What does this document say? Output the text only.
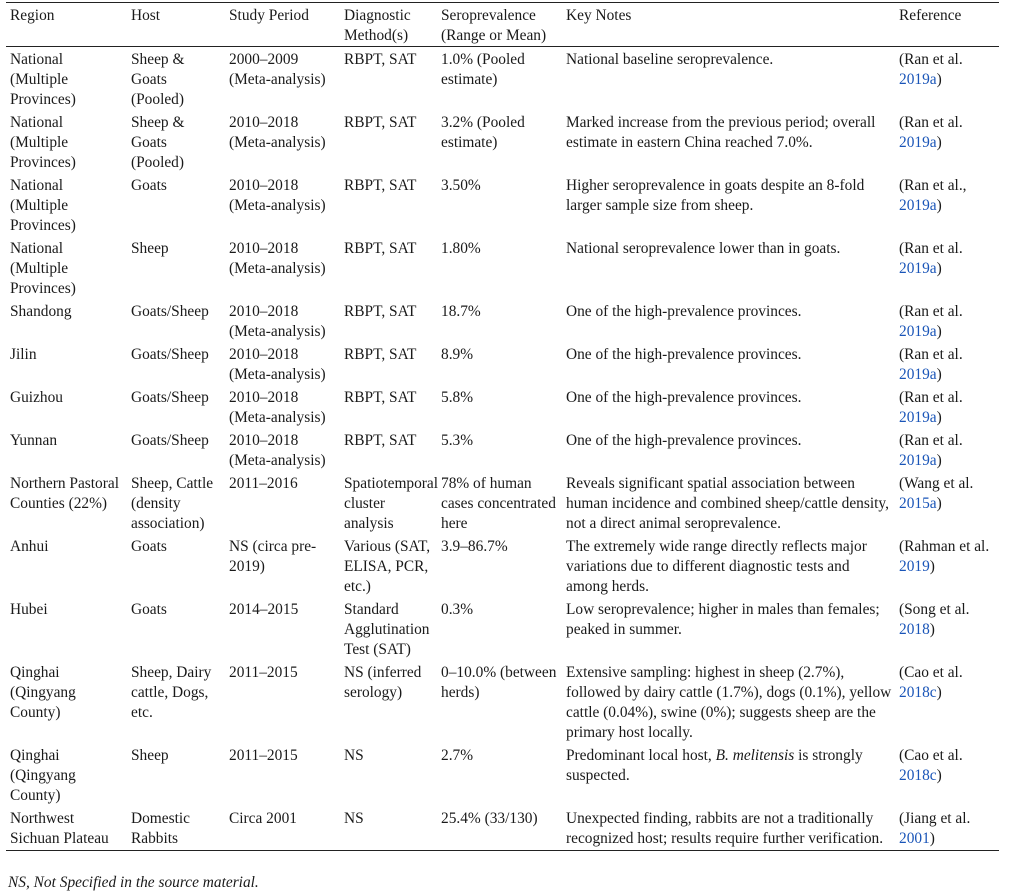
Region	Host	Study Period	Diagnostic Method(s)	Seroprevalence (Range or Mean)	Key Notes	Reference
National (Multiple Provinces)	Sheep & Goats (Pooled)	2000–2009 (Meta-analysis)	RBPT, SAT	1.0% (Pooled estimate)	National baseline seroprevalence.	(Ran et al. 2019a)
National (Multiple Provinces)	Sheep & Goats (Pooled)	2010–2018 (Meta-analysis)	RBPT, SAT	3.2% (Pooled estimate)	Marked increase from the previous period; overall estimate in eastern China reached 7.0%.	(Ran et al. 2019a)
National (Multiple Provinces)	Goats	2010–2018 (Meta-analysis)	RBPT, SAT	3.50%	Higher seroprevalence in goats despite an 8-fold larger sample size from sheep.	(Ran et al., 2019a)
National (Multiple Provinces)	Sheep	2010–2018 (Meta-analysis)	RBPT, SAT	1.80%	National seroprevalence lower than in goats.	(Ran et al. 2019a)
Shandong	Goats/Sheep	2010–2018 (Meta-analysis)	RBPT, SAT	18.7%	One of the high-prevalence provinces.	(Ran et al. 2019a)
Jilin	Goats/Sheep	2010–2018 (Meta-analysis)	RBPT, SAT	8.9%	One of the high-prevalence provinces.	(Ran et al. 2019a)
Guizhou	Goats/Sheep	2010–2018 (Meta-analysis)	RBPT, SAT	5.8%	One of the high-prevalence provinces.	(Ran et al. 2019a)
Yunnan	Goats/Sheep	2010–2018 (Meta-analysis)	RBPT, SAT	5.3%	One of the high-prevalence provinces.	(Ran et al. 2019a)
Northern Pastoral Counties (22%)	Sheep, Cattle (density association)	2011–2016	Spatiotemporal cluster analysis	78% of human cases concentrated here	Reveals significant spatial association between human incidence and combined sheep/cattle density, not a direct animal seroprevalence.	(Wang et al. 2015a)
Anhui	Goats	NS (circa pre-2019)	Various (SAT, ELISA, PCR, etc.)	3.9–86.7%	The extremely wide range directly reflects major variations due to different diagnostic tests and among herds.	(Rahman et al. 2019)
Hubei	Goats	2014–2015	Standard Agglutination Test (SAT)	0.3%	Low seroprevalence; higher in males than females; peaked in summer.	(Song et al. 2018)
Qinghai (Qingyang County)	Sheep, Dairy cattle, Dogs, etc.	2011–2015	NS (inferred serology)	0–10.0% (between herds)	Extensive sampling: highest in sheep (2.7%), followed by dairy cattle (1.7%), dogs (0.1%), yellow cattle (0.04%), swine (0%); suggests sheep are the primary host locally.	(Cao et al. 2018c)
Qinghai (Qingyang County)	Sheep	2011–2015	NS	2.7%	Predominant local host, B. melitensis is strongly suspected.	(Cao et al. 2018c)
Northwest Sichuan Plateau	Domestic Rabbits	Circa 2001	NS	25.4% (33/130)	Unexpected finding, rabbits are not a traditionally recognized host; results require further verification.	(Jiang et al. 2001)
NS, Not Specified in the source material.
